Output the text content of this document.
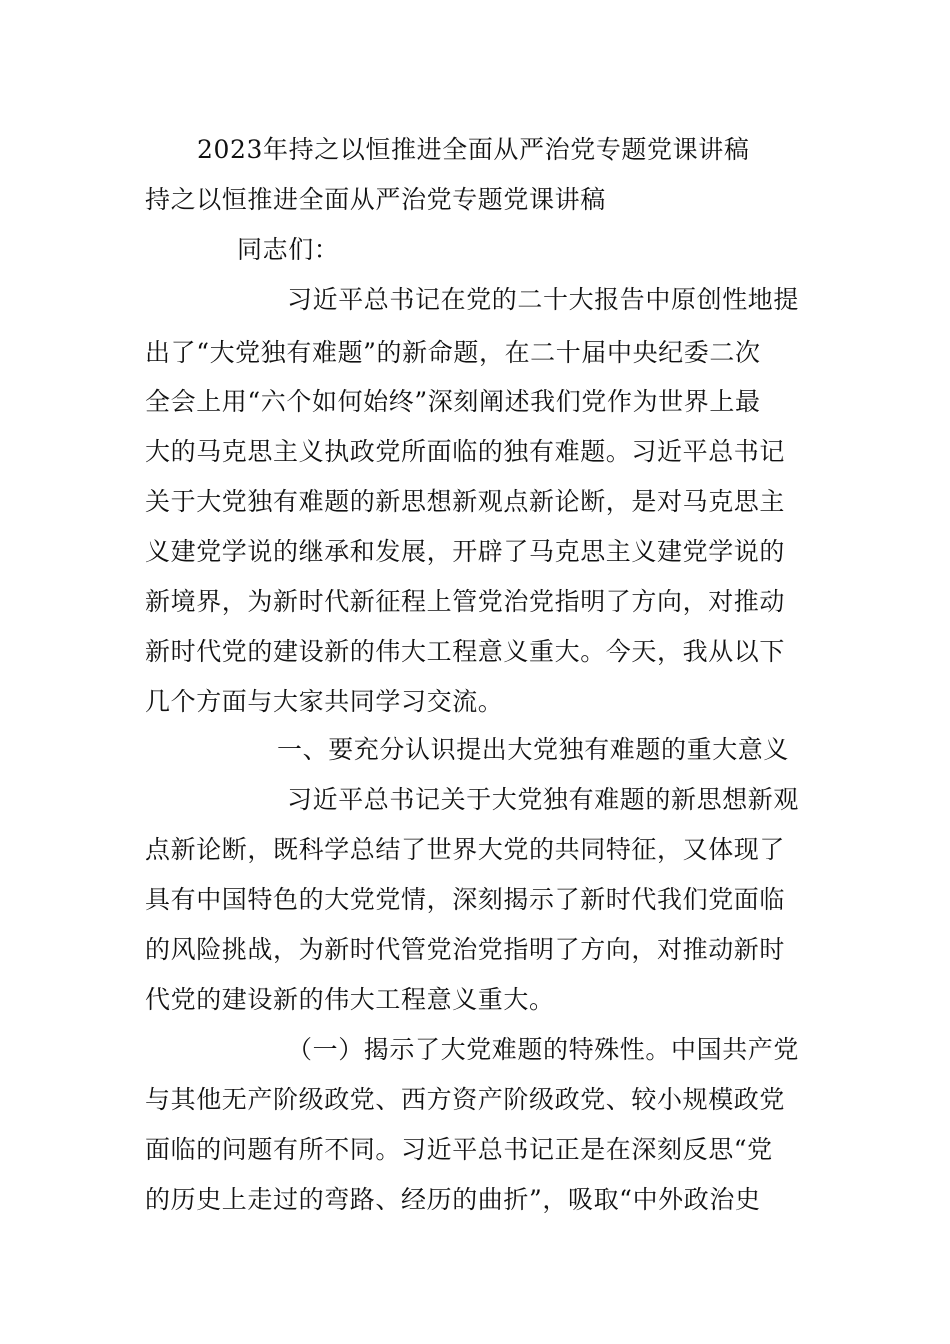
2023年持之以恒推进全面从严治党专题党课讲稿
持之以恒推进全面从严治党专题党课讲稿
同志们：
习近平总书记在党的二十大报告中原创性地提
出了“大党独有难题”的新命题，在二十届中央纪委二次
全会上用“六个如何始终”深刻阐述我们党作为世界上最
大的马克思主义执政党所面临的独有难题。习近平总书记
关于大党独有难题的新思想新观点新论断，是对马克思主
义建党学说的继承和发展，开辟了马克思主义建党学说的
新境界，为新时代新征程上管党治党指明了方向，对推动
新时代党的建设新的伟大工程意义重大。今天，我从以下
几个方面与大家共同学习交流。
一、要充分认识提出大党独有难题的重大意义
习近平总书记关于大党独有难题的新思想新观
点新论断，既科学总结了世界大党的共同特征，又体现了
具有中国特色的大党党情，深刻揭示了新时代我们党面临
的风险挑战，为新时代管党治党指明了方向，对推动新时
代党的建设新的伟大工程意义重大。
（一）揭示了大党难题的特殊性。中国共产党
与其他无产阶级政党、西方资产阶级政党、较小规模政党
面临的问题有所不同。习近平总书记正是在深刻反思“党
的历史上走过的弯路、经历的曲折”，吸取“中外政治史
